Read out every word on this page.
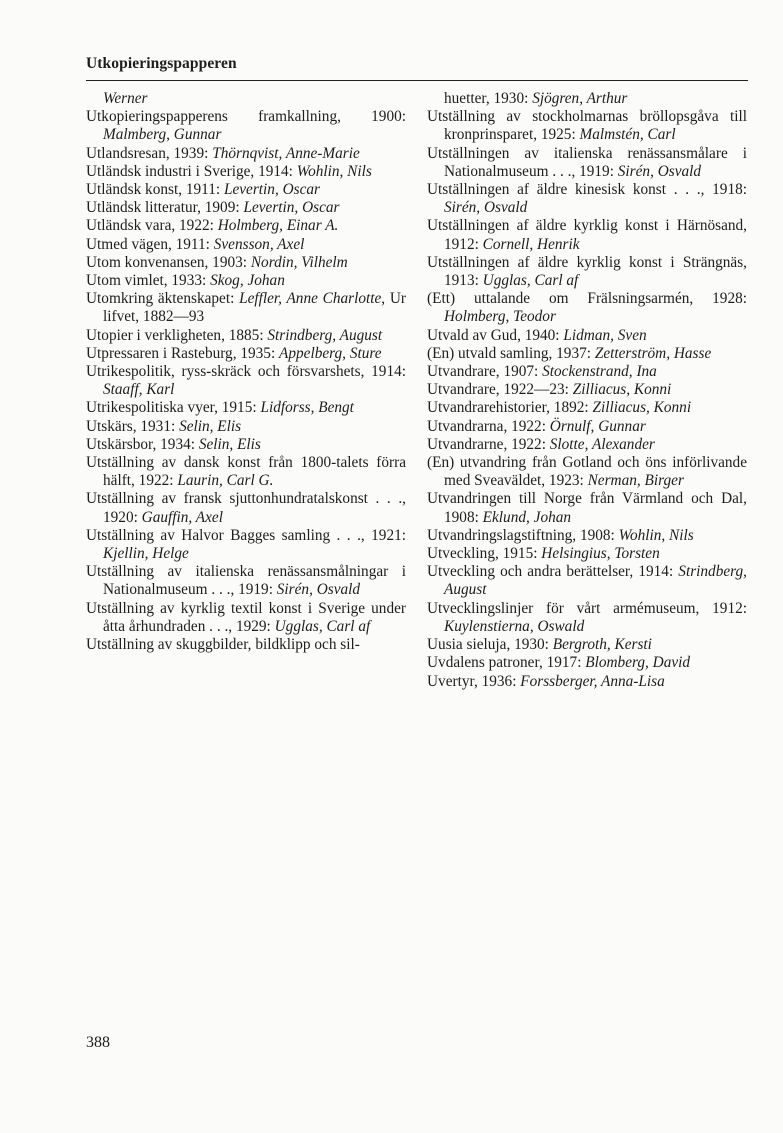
Utkopieringspapperen
Werner
Utkopieringspapperens framkallning, 1900: Malmberg, Gunnar
Utlandsresan, 1939: Thörnqvist, Anne-Marie
Utländsk industri i Sverige, 1914: Wohlin, Nils
Utländsk konst, 1911: Levertin, Oscar
Utländsk litteratur, 1909: Levertin, Oscar
Utländsk vara, 1922: Holmberg, Einar A.
Utmed vägen, 1911: Svensson, Axel
Utom konvenansen, 1903: Nordin, Vilhelm
Utom vimlet, 1933: Skog, Johan
Utomkring äktenskapet: Leffler, Anne Charlotte, Ur lifvet, 1882—93
Utopier i verkligheten, 1885: Strindberg, August
Utpressaren i Rasteburg, 1935: Appelberg, Sture
Utrikespolitik, ryss-skräck och försvarshets, 1914: Staaff, Karl
Utrikespolitiska vyer, 1915: Lidforss, Bengt
Utskärs, 1931: Selin, Elis
Utskärsbor, 1934: Selin, Elis
Utställning av dansk konst från 1800-talets förra hälft, 1922: Laurin, Carl G.
Utställning av fransk sjuttonhundratalskonst . . ., 1920: Gauffin, Axel
Utställning av Halvor Bagges samling . . ., 1921: Kjellin, Helge
Utställning av italienska renässansmålningar i Nationalmuseum . . ., 1919: Sirén, Osvald
Utställning av kyrklig textil konst i Sverige under åtta århundraden . . ., 1929: Ugglas, Carl af
Utställning av skuggbilder, bildklipp och sil-
huetter, 1930: Sjögren, Arthur
Utställning av stockholmarnas bröllopsgåva till kronprinsparet, 1925: Malmstén, Carl
Utställningen av italienska renässansmålare i Nationalmuseum . . ., 1919: Sirén, Osvald
Utställningen af äldre kinesisk konst . . ., 1918: Sirén, Osvald
Utställningen af äldre kyrklig konst i Härnösand, 1912: Cornell, Henrik
Utställningen af äldre kyrklig konst i Strängnäs, 1913: Ugglas, Carl af
(Ett) uttalande om Frälsningsarmén, 1928: Holmberg, Teodor
Utvald av Gud, 1940: Lidman, Sven
(En) utvald samling, 1937: Zetterström, Hasse
Utvandrare, 1907: Stockenstrand, Ina
Utvandrare, 1922—23: Zilliacus, Konni
Utvandrarehistorier, 1892: Zilliacus, Konni
Utvandrarna, 1922: Örnulf, Gunnar
Utvandrarne, 1922: Slotte, Alexander
(En) utvandring från Gotland och öns införlivande med Sveaväldet, 1923: Nerman, Birger
Utvandringen till Norge från Värmland och Dal, 1908: Eklund, Johan
Utvandringslagstiftning, 1908: Wohlin, Nils
Utveckling, 1915: Helsingius, Torsten
Utveckling och andra berättelser, 1914: Strindberg, August
Utvecklingslinjer för vårt armémuseum, 1912: Kuylenstierna, Oswald
Uusia sieluja, 1930: Bergroth, Kersti
Uvdalens patroner, 1917: Blomberg, David
Uvertyr, 1936: Forssberger, Anna-Lisa
388
